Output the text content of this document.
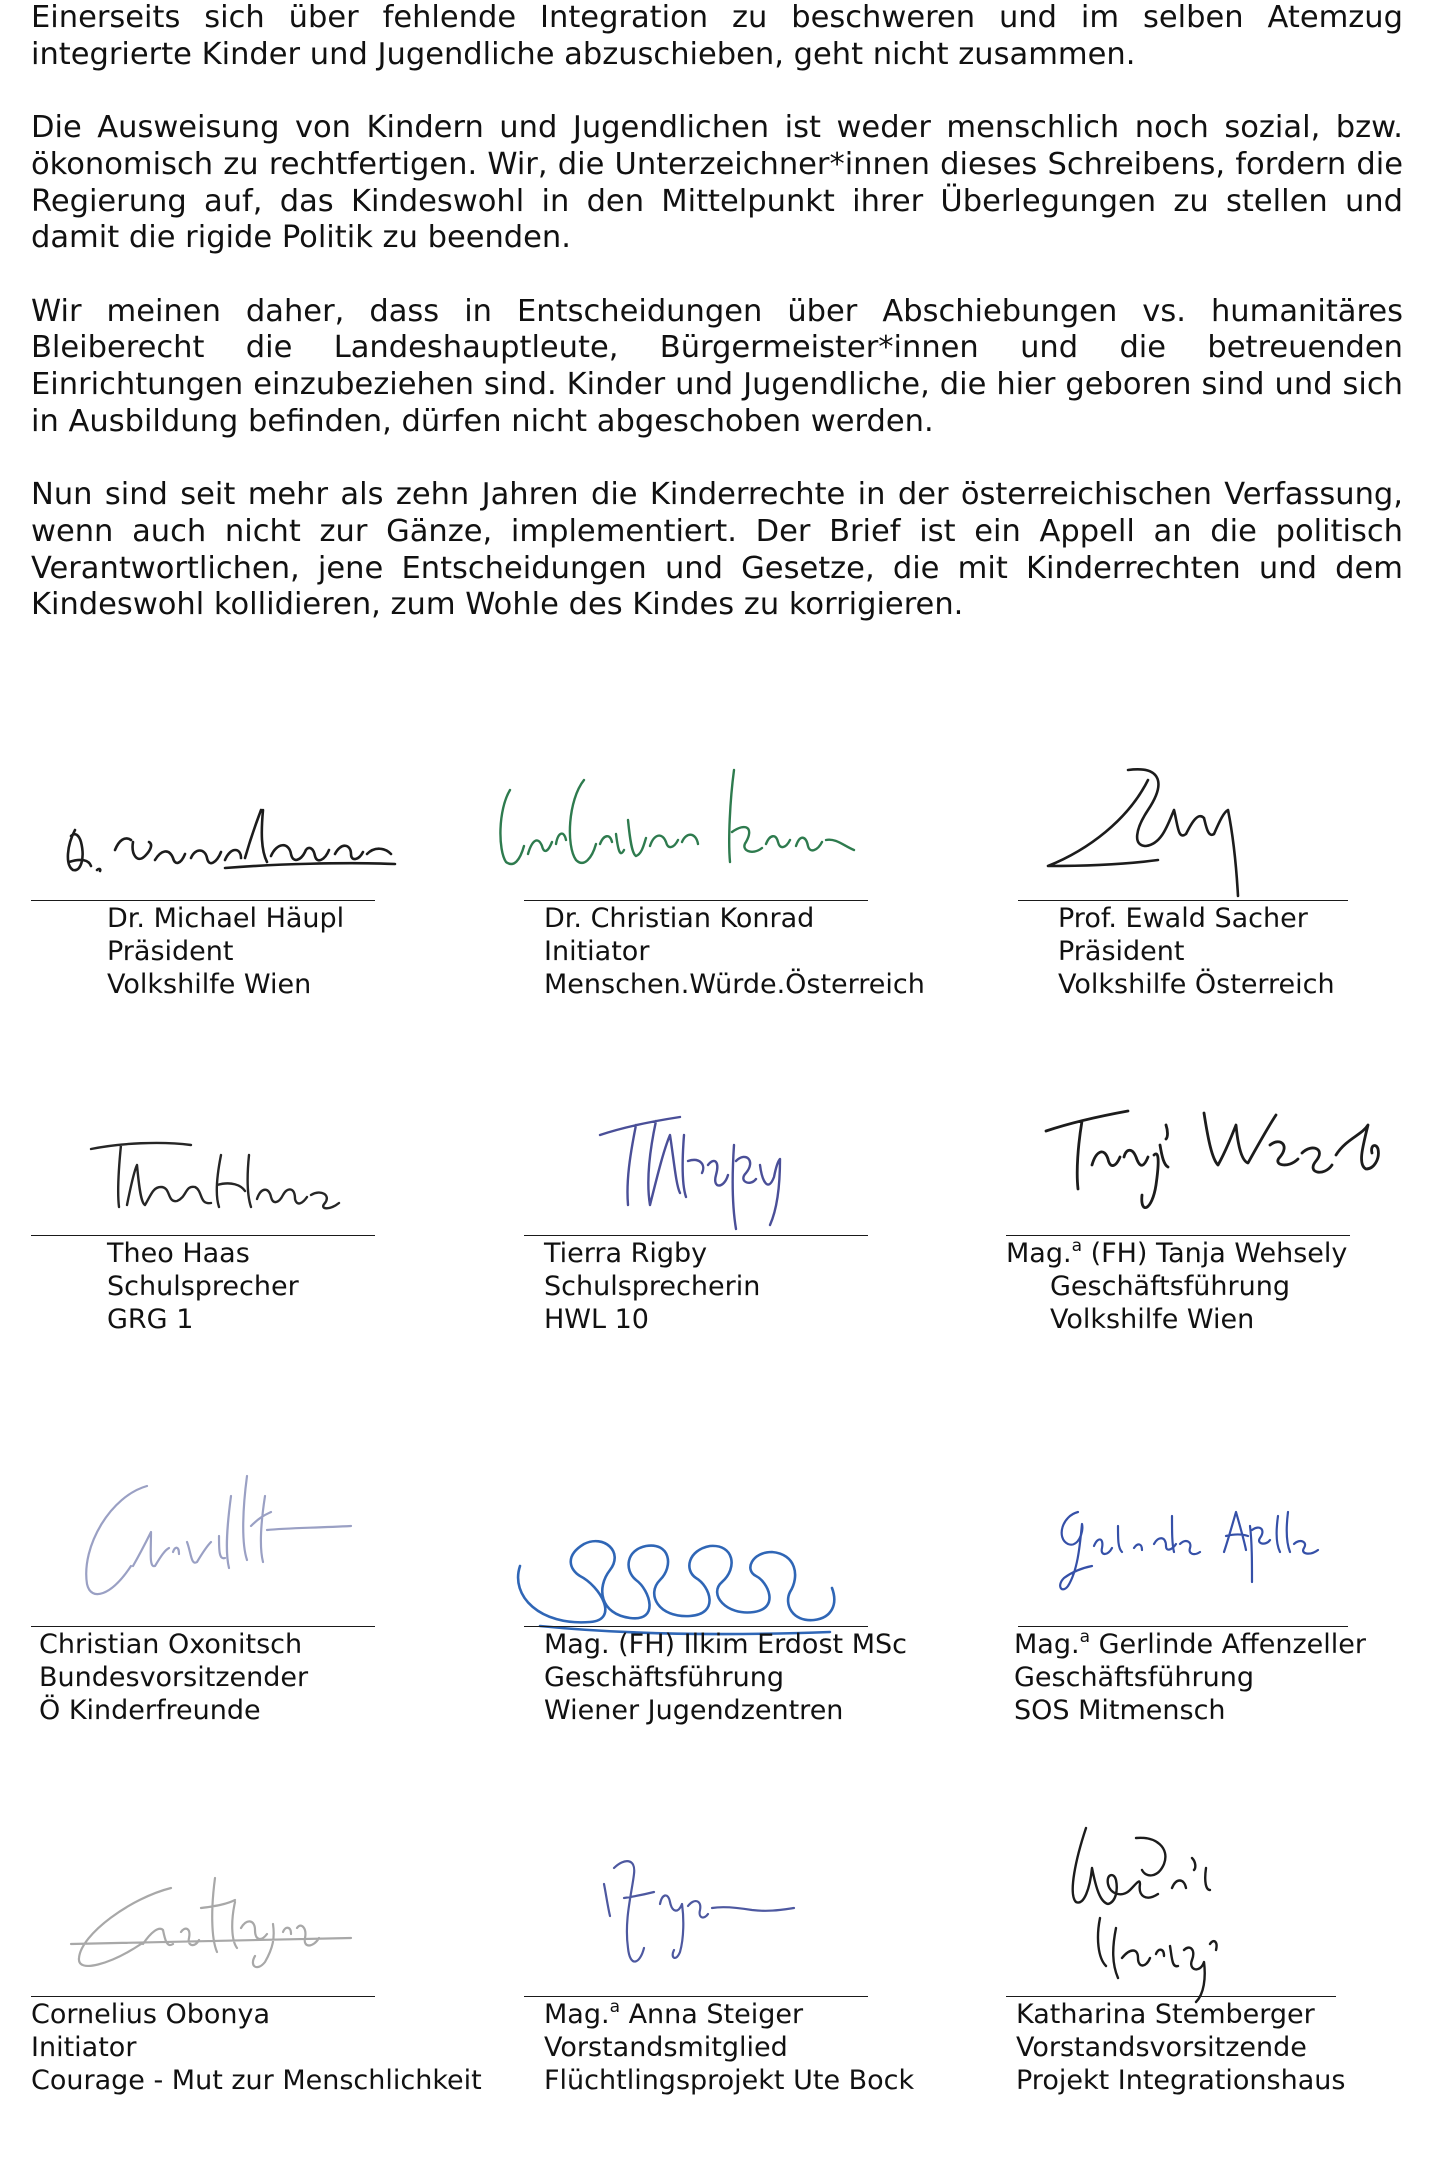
Einerseits sich über fehlende Integration zu beschweren und im selben Atemzug integrierte Kinder und Jugendliche abzuschieben, geht nicht zusammen.

Die Ausweisung von Kindern und Jugendlichen ist weder menschlich noch sozial, bzw. ökonomisch zu rechtfertigen. Wir, die Unterzeichner*innen dieses Schreibens, fordern die Regierung auf, das Kindeswohl in den Mittelpunkt ihrer Überlegungen zu stellen und damit die rigide Politik zu beenden.

Wir meinen daher, dass in Entscheidungen über Abschiebungen vs. humanitäres Bleiberecht die Landeshauptleute, Bürgermeister*innen und die betreuenden Einrichtungen einzubeziehen sind. Kinder und Jugendliche, die hier geboren sind und sich in Ausbildung befinden, dürfen nicht abgeschoben werden.

Nun sind seit mehr als zehn Jahren die Kinderrechte in der österreichischen Verfassung, wenn auch nicht zur Gänze, implementiert. Der Brief ist ein Appell an die politisch Verantwortlichen, jene Entscheidungen und Gesetze, die mit Kinderrechten und dem Kindeswohl kollidieren, zum Wohle des Kindes zu korrigieren.

Dr. Michael Häupl
Präsident
Volkshilfe Wien
Dr. Christian Konrad
Initiator
Menschen.Würde.Österreich
Prof. Ewald Sacher
Präsident
Volkshilfe Österreich
Theo Haas
Schulsprecher
GRG 1
Tierra Rigby
Schulsprecherin
HWL 10
Mag.$^a$ (FH) Tanja Wehsely
Geschäftsführung
Volkshilfe Wien
Christian Oxonitsch
Bundesvorsitzender
Ö Kinderfreunde
Mag. (FH) Ilkim Erdost MSc
Geschäftsführung
Wiener Jugendzentren
Mag.$^a$ Gerlinde Affenzeller
Geschäftsführung
SOS Mitmensch
Cornelius Obonya
Initiator
Courage - Mut zur Menschlichkeit
Mag.$^a$ Anna Steiger
Vorstandsmitglied
Flüchtlingsprojekt Ute Bock
Katharina Stemberger
Vorstandsvorsitzende
Projekt Integrationshaus
